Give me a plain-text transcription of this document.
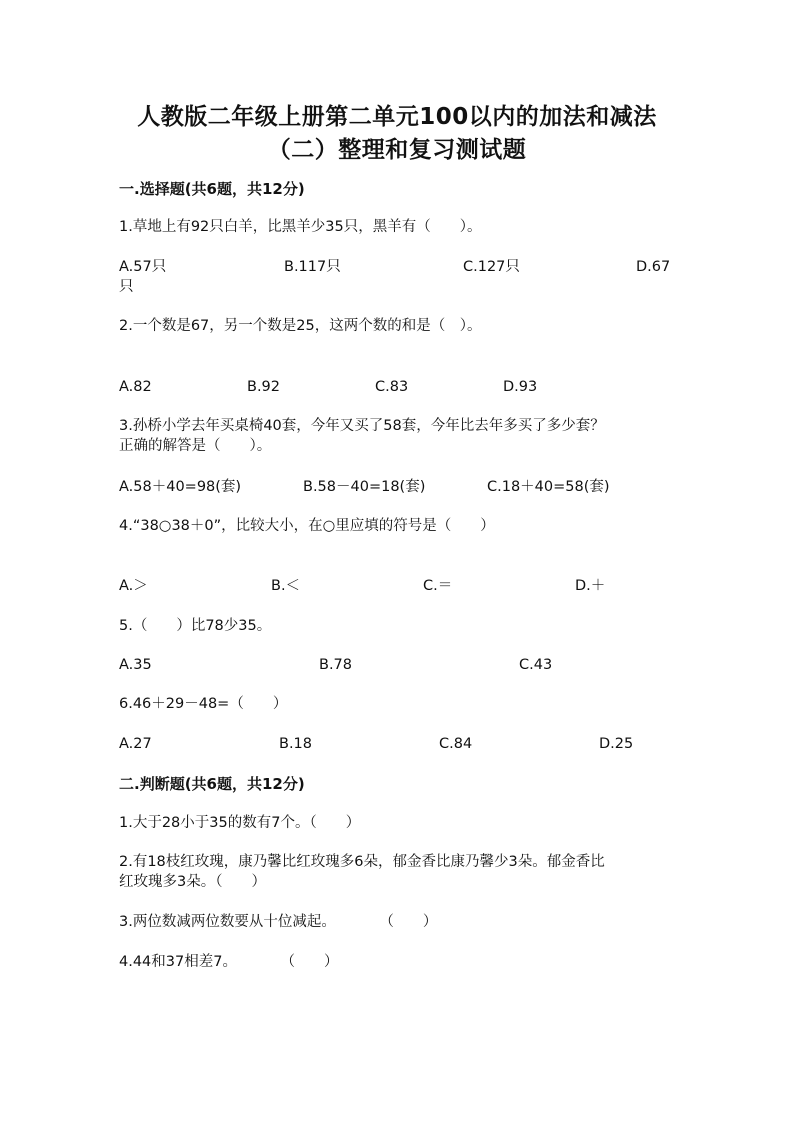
人教版二年级上册第二单元100以内的加法和减法
（二）整理和复习测试题
一.选择题(共6题，共12分)
1.草地上有92只白羊，比黑羊少35只，黑羊有（　　）。
A.57只	B.117只	C.127只	D.67
只
2.一个数是67，另一个数是25，这两个数的和是（　）。
A.82	B.92	C.83	D.93
3.孙桥小学去年买桌椅40套，今年又买了58套，今年比去年多买了多少套？
正确的解答是（　　）。
A.58＋40=98(套)	B.58－40=18(套)	C.18＋40=58(套)
4.“38○38＋0”，比较大小，在○里应填的符号是（　　）
A.＞	B.＜	C.＝	D.＋
5.（　　）比78少35。
A.35	B.78	C.43
6.46＋29－48=（　　）
A.27	B.18	C.84	D.25
二.判断题(共6题，共12分)
1.大于28小于35的数有7个。（　　）
2.有18枝红玫瑰，康乃馨比红玫瑰多6朵，郁金香比康乃馨少3朵。郁金香比
红玫瑰多3朵。（　　）
3.两位数减两位数要从十位减起。　　　　（　　）
4.44和37相差7。　　　　（　　）
